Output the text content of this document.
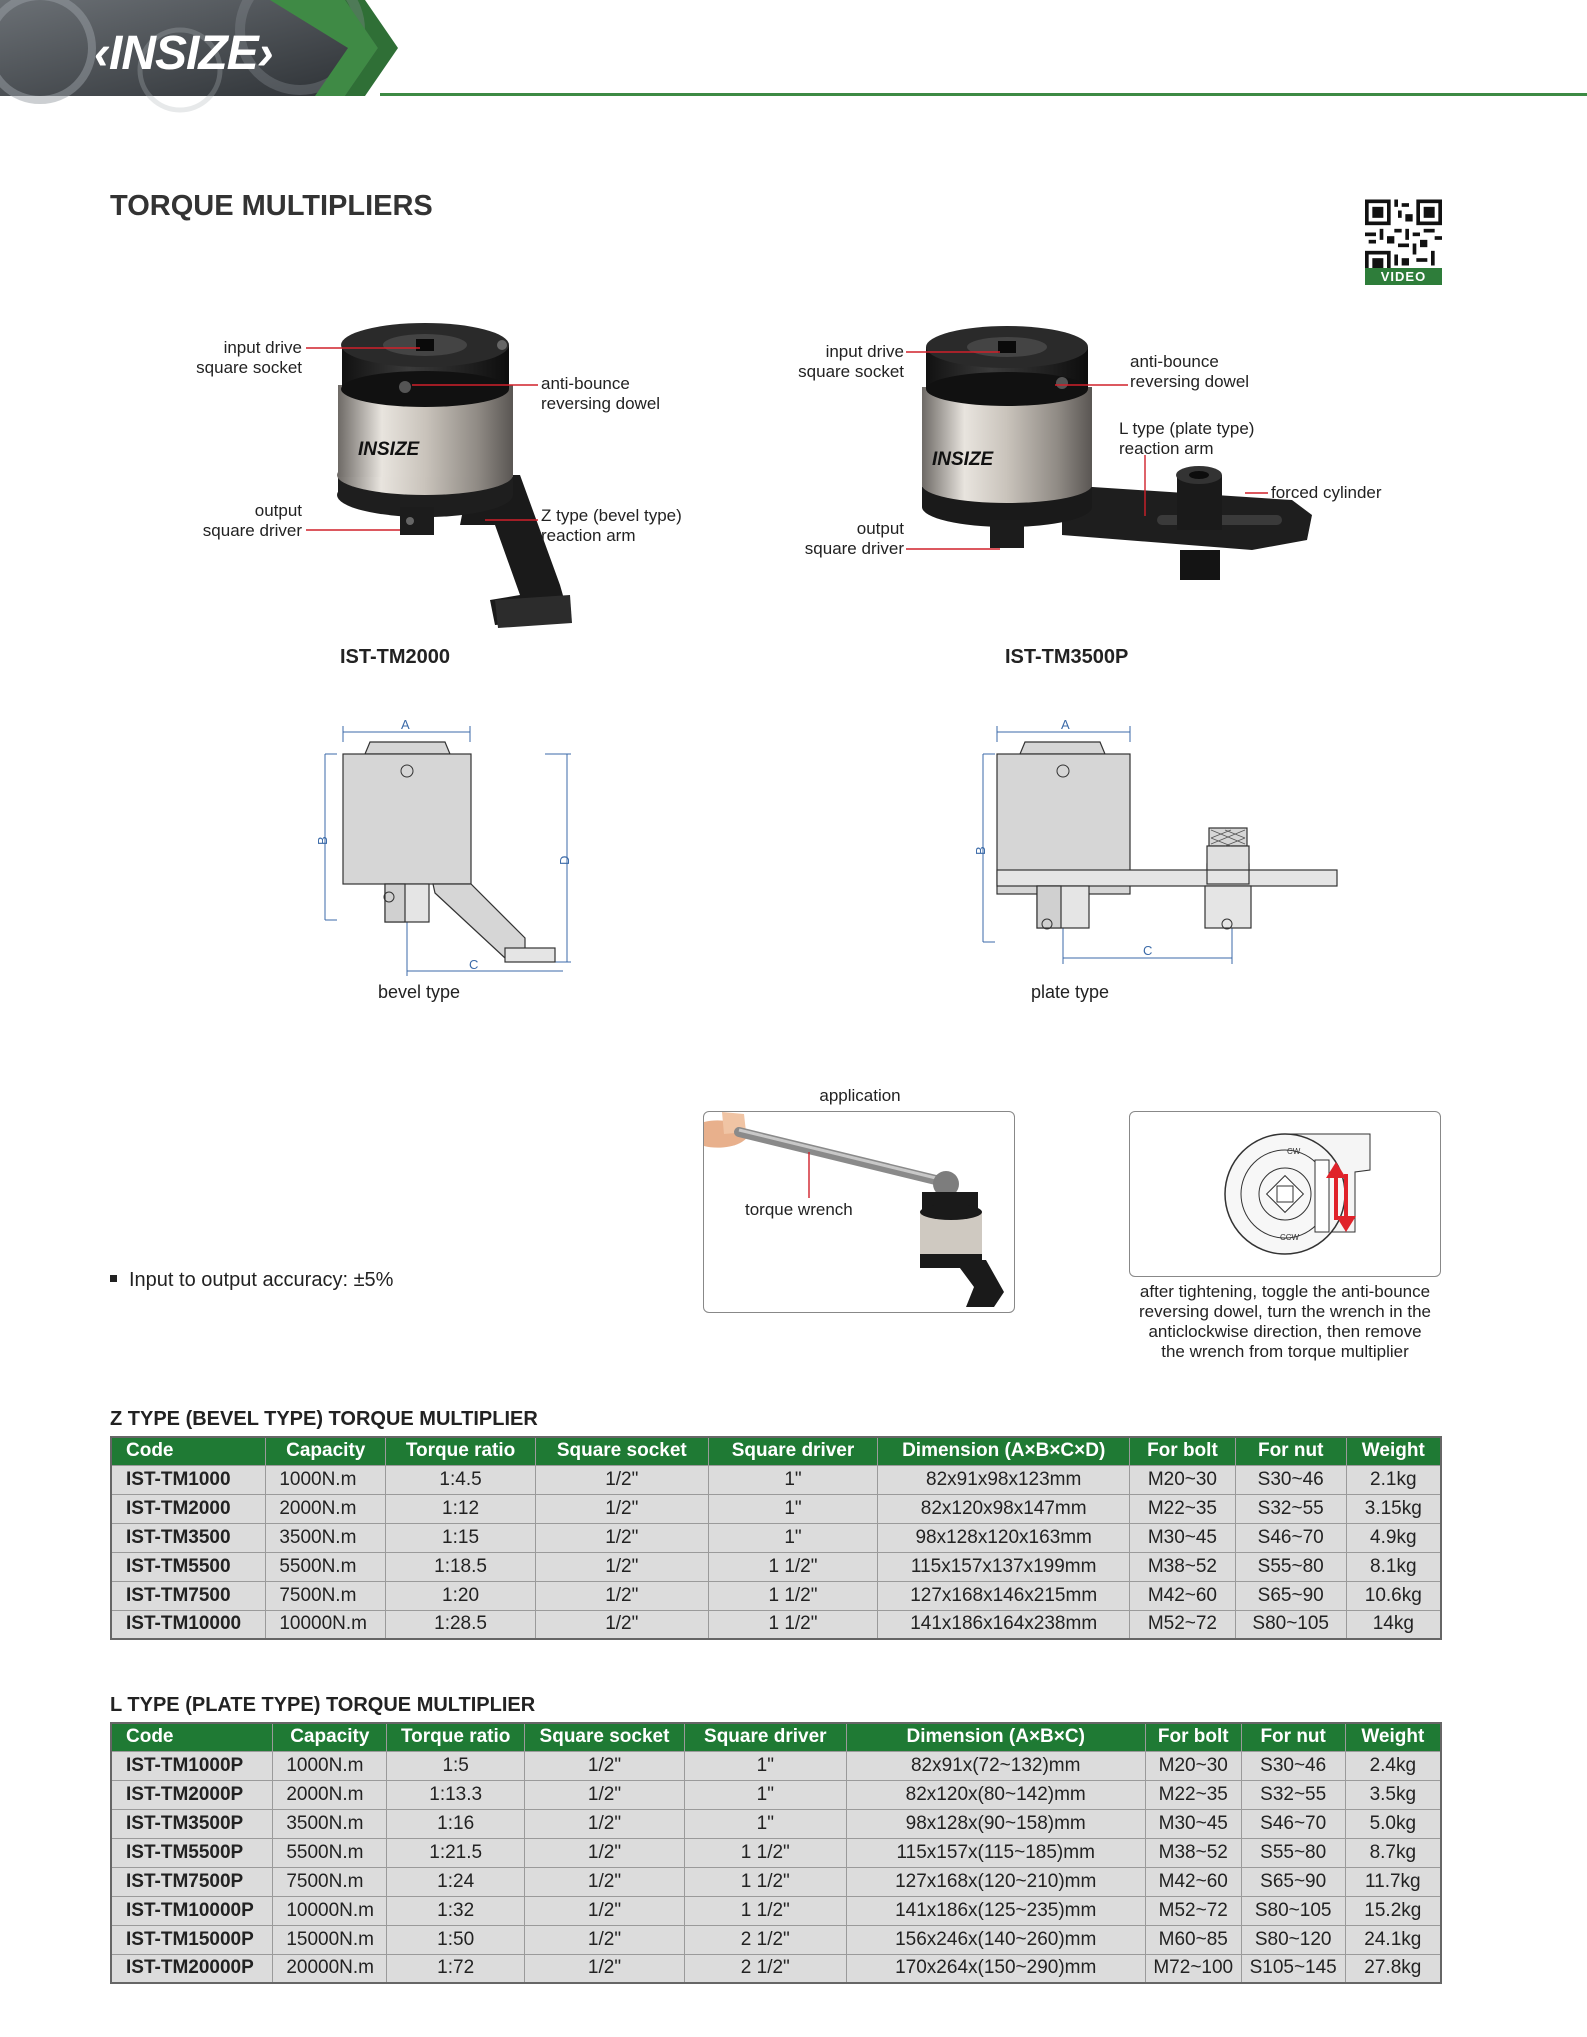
‹INSIZE›
TORQUE MULTIPLIERS
VIDEO
INSIZE
input drive
square socket
anti-bounce
reversing dowel
output
square driver
Z type (bevel type)
reaction arm
IST-TM2000
INSIZE
input drive
square socket
anti-bounce
reversing dowel
L type (plate type)
reaction arm
forced cylinder
output
square driver
IST-TM3500P
A
B
C
D
bevel type
A
B
C
plate type
application
torque wrench
CW
CCW
after tightening, toggle the anti-bounce
reversing dowel, turn the wrench in the
anticlockwise direction, then remove
the wrench from torque multiplier
Input to output accuracy: ±5%
Z TYPE (BEVEL TYPE) TORQUE MULTIPLIER
Code	Capacity	Torque ratio	Square socket	Square driver	Dimension (A×B×C×D)	For bolt	For nut	Weight
IST-TM1000	1000N.m	1:4.5	1/2"	1"	82x91x98x123mm	M20~30	S30~46	2.1kg
IST-TM2000	2000N.m	1:12	1/2"	1"	82x120x98x147mm	M22~35	S32~55	3.15kg
IST-TM3500	3500N.m	1:15	1/2"	1"	98x128x120x163mm	M30~45	S46~70	4.9kg
IST-TM5500	5500N.m	1:18.5	1/2"	1 1/2"	115x157x137x199mm	M38~52	S55~80	8.1kg
IST-TM7500	7500N.m	1:20	1/2"	1 1/2"	127x168x146x215mm	M42~60	S65~90	10.6kg
IST-TM10000	10000N.m	1:28.5	1/2"	1 1/2"	141x186x164x238mm	M52~72	S80~105	14kg
L TYPE (PLATE TYPE) TORQUE MULTIPLIER
Code	Capacity	Torque ratio	Square socket	Square driver	Dimension (A×B×C)	For bolt	For nut	Weight
IST-TM1000P	1000N.m	1:5	1/2"	1"	82x91x(72~132)mm	M20~30	S30~46	2.4kg
IST-TM2000P	2000N.m	1:13.3	1/2"	1"	82x120x(80~142)mm	M22~35	S32~55	3.5kg
IST-TM3500P	3500N.m	1:16	1/2"	1"	98x128x(90~158)mm	M30~45	S46~70	5.0kg
IST-TM5500P	5500N.m	1:21.5	1/2"	1 1/2"	115x157x(115~185)mm	M38~52	S55~80	8.7kg
IST-TM7500P	7500N.m	1:24	1/2"	1 1/2"	127x168x(120~210)mm	M42~60	S65~90	11.7kg
IST-TM10000P	10000N.m	1:32	1/2"	1 1/2"	141x186x(125~235)mm	M52~72	S80~105	15.2kg
IST-TM15000P	15000N.m	1:50	1/2"	2 1/2"	156x246x(140~260)mm	M60~85	S80~120	24.1kg
IST-TM20000P	20000N.m	1:72	1/2"	2 1/2"	170x264x(150~290)mm	M72~100	S105~145	27.8kg
